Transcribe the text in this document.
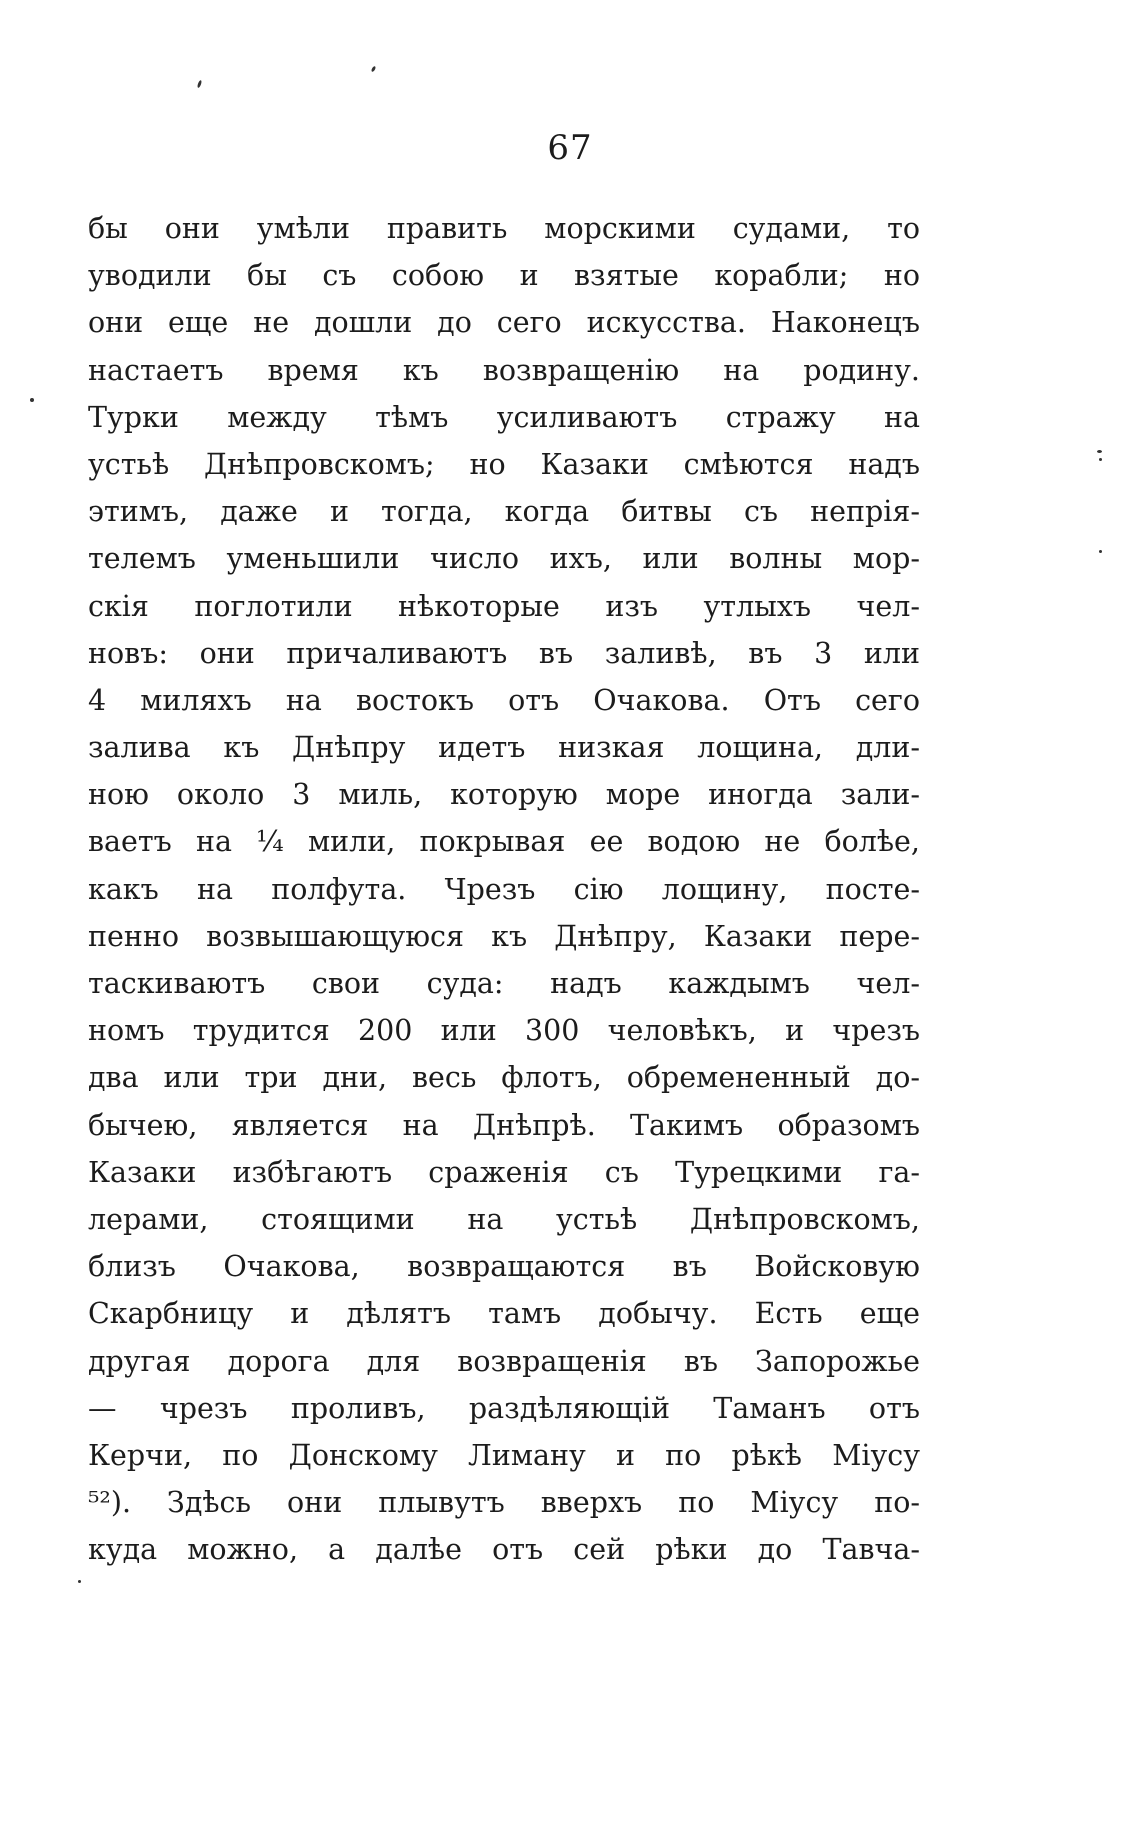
67
бы они умѣли править морскими судами, то
уводили бы съ собою и взятые корабли; но
они еще не дошли до сего искусства. Наконецъ
настаетъ время къ возвращенію на родину.
Турки между тѣмъ усиливаютъ стражу на
устьѣ Днѣпровскомъ; но Казаки смѣются надъ
этимъ, даже и тогда, когда битвы съ непрія-
телемъ уменьшили число ихъ, или волны мор-
скія поглотили нѣкоторые изъ утлыхъ чел-
новъ: они причаливаютъ въ заливѣ, въ 3 или
4 миляхъ на востокъ отъ Очакова. Отъ сего
залива къ Днѣпру идетъ низкая лощина, дли-
ною около 3 миль, которую море иногда зали-
ваетъ на ¼ мили, покрывая ее водою не болѣе,
какъ на полфута. Чрезъ сію лощину, посте-
пенно возвышающуюся къ Днѣпру, Казаки пере-
таскиваютъ свои суда: надъ каждымъ чел-
номъ трудится 200 или 300 человѣкъ, и чрезъ
два или три дни, весь флотъ, обремененный до-
бычею, является на Днѣпрѣ. Такимъ образомъ
Казаки избѣгаютъ сраженія съ Турецкими га-
лерами, стоящими на устьѣ Днѣпровскомъ,
близъ Очакова, возвращаются въ Войсковую
Скарбницу и дѣлятъ тамъ добычу. Есть еще
другая дорога для возвращенія въ Запорожье
— чрезъ проливъ, раздѣляющій Таманъ отъ
Керчи, по Донскому Лиману и по рѣкѣ Міусу
⁵²). Здѣсь они плывутъ вверхъ по Міусу по-
куда можно, а далѣе отъ сей рѣки до Тавча-
